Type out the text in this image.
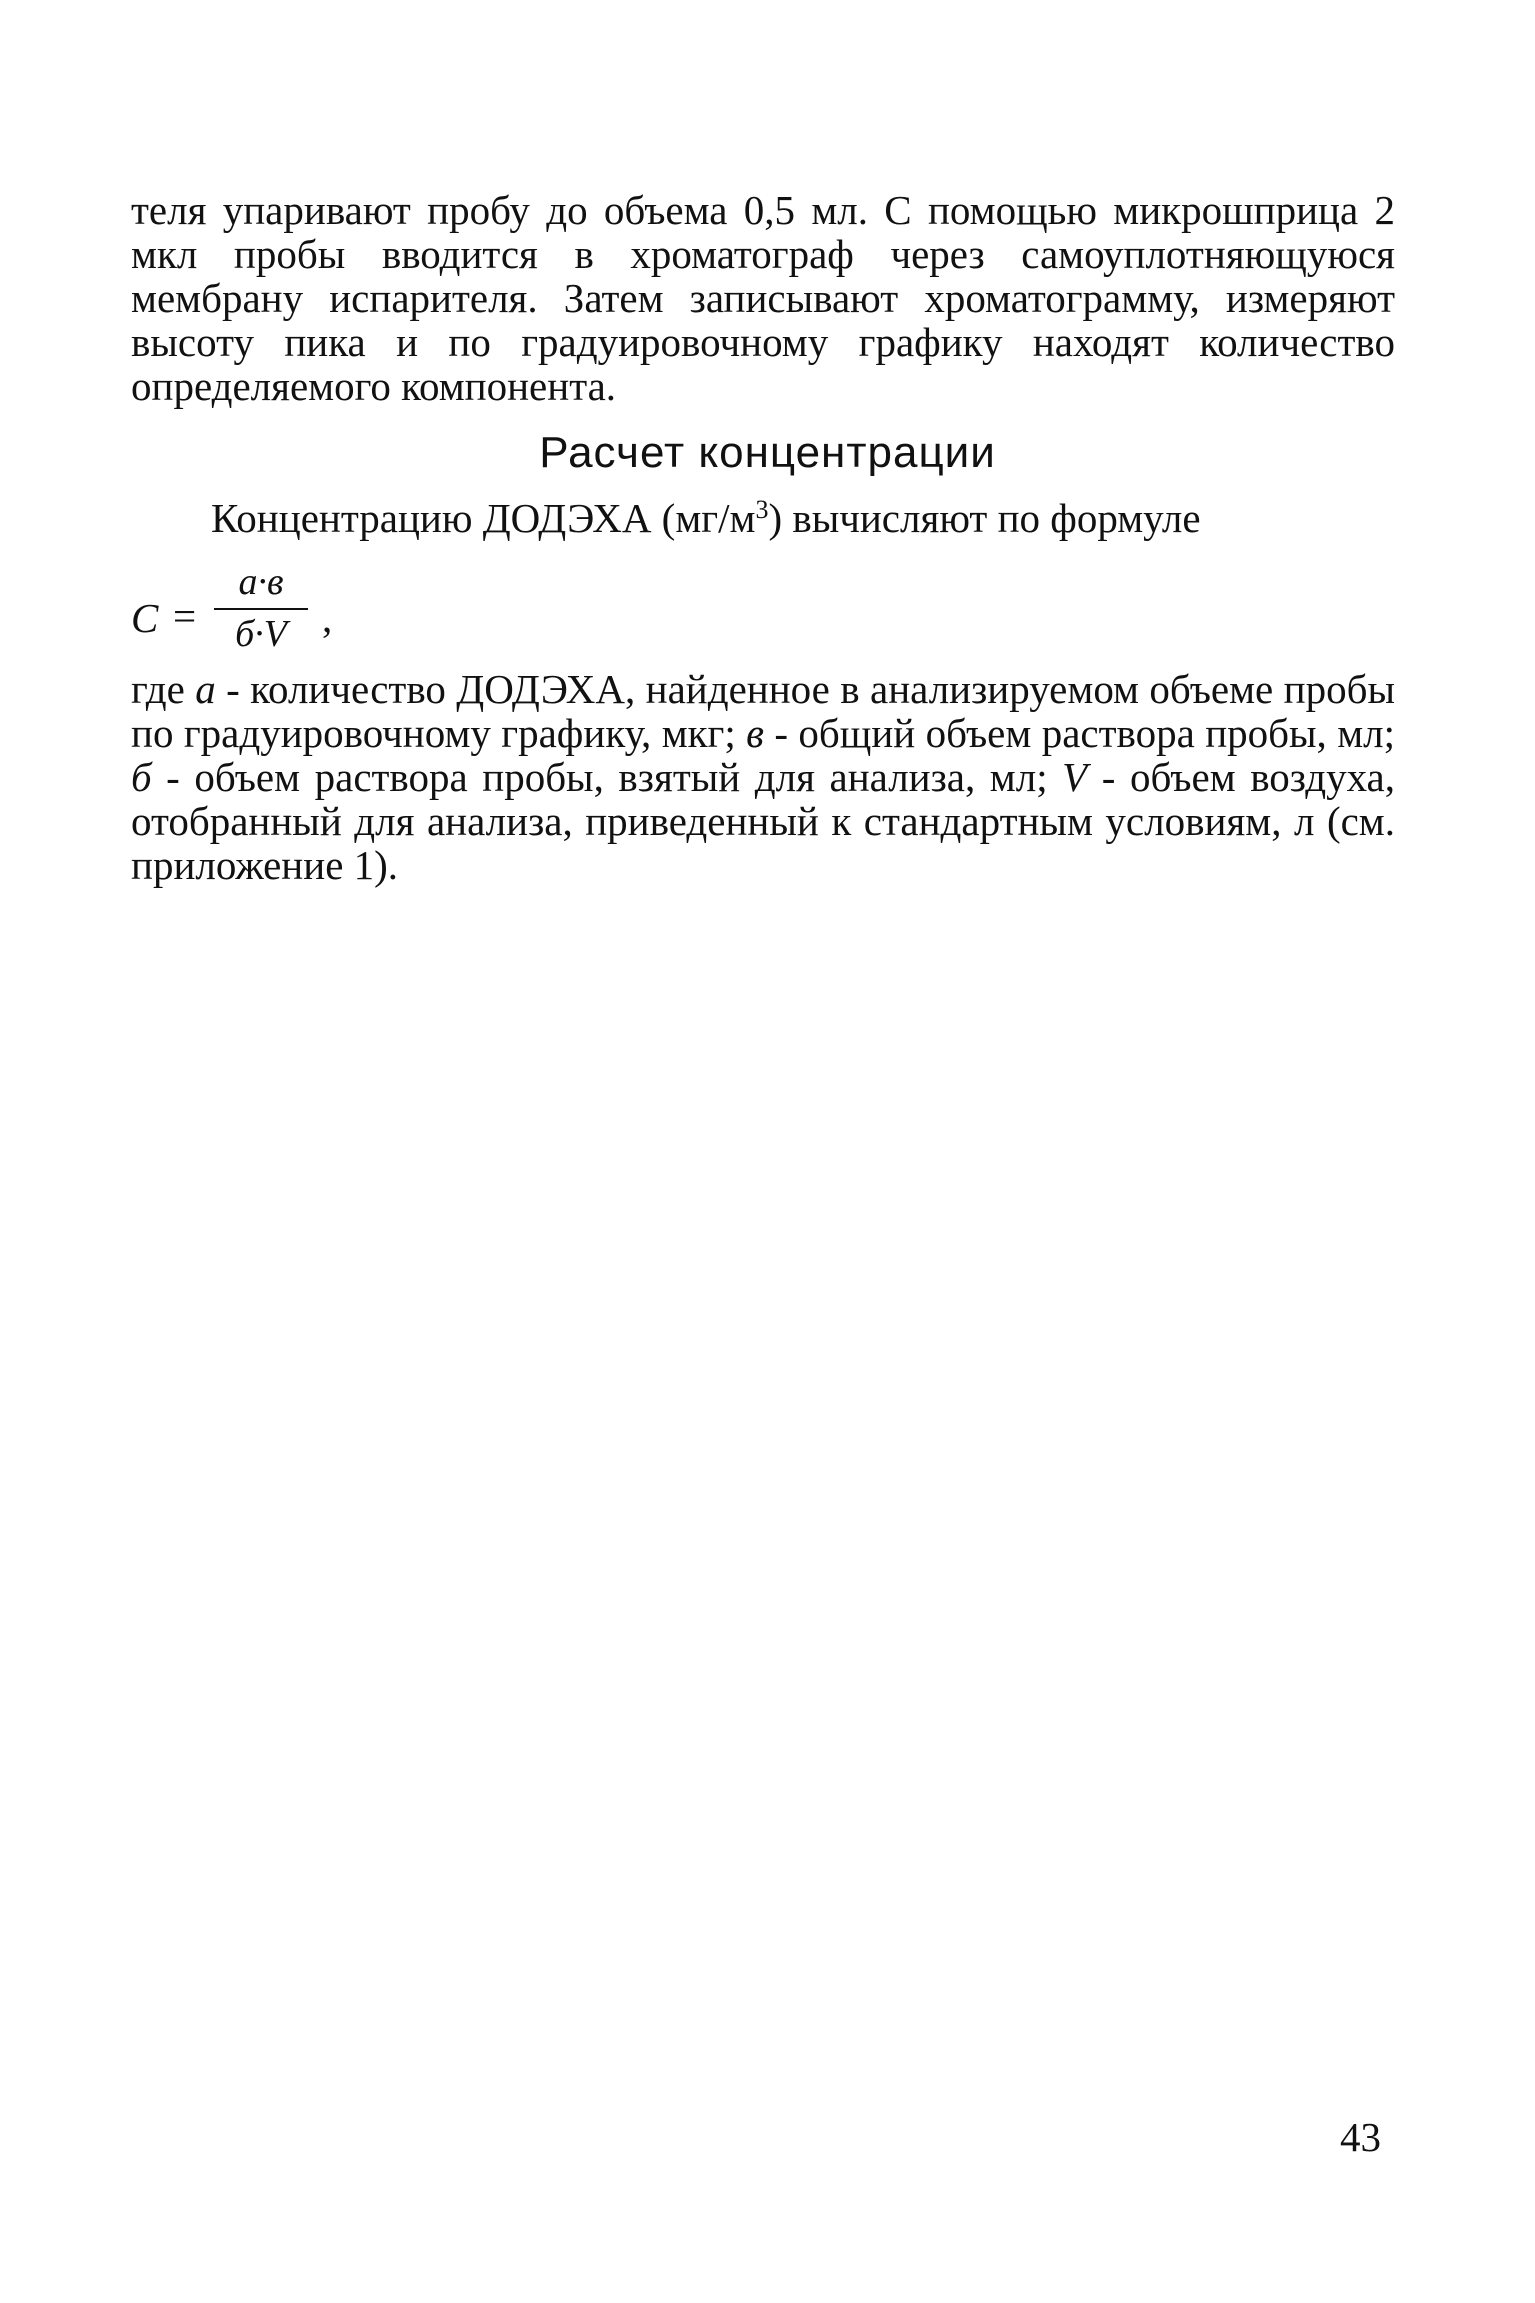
теля упаривают пробу до объема 0,5 мл. С помощью микрошприца 2 мкл пробы вводится в хроматограф через самоуплотняющуюся мембрану испарителя. Затем записывают хроматограмму, измеряют высоту пика и по градуировочному графику находят количество определяемого компонента.

Расчет концентрации

Концентрацию ДОДЭХА $(мг/м^3)$ вычисляют по формуле

C =
a·в
б·V ,

где a - количество ДОДЭХА, найденное в анализируемом объеме пробы по градуировочному графику, мкг; в - общий объем раствора пробы, мл; б - объем раствора пробы, взятый для анализа, мл; V - объем воздуха, отобранный для анализа, приведенный к стандартным условиям, л (см. приложение 1).

43
